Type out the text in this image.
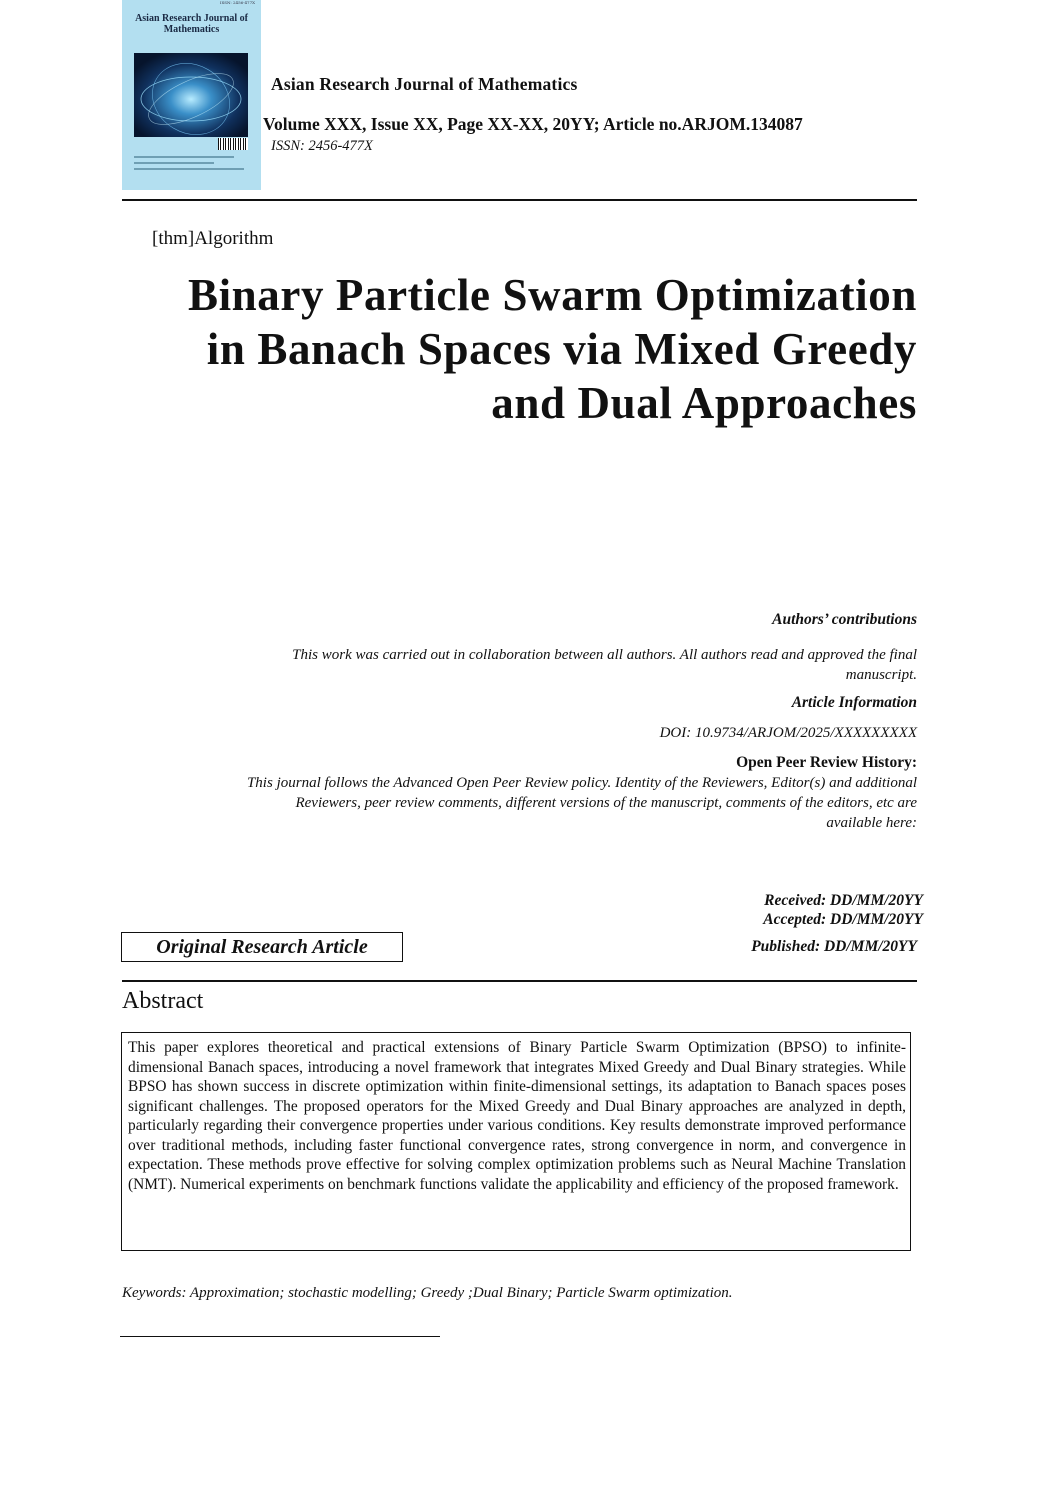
ISSN: 2456-477X
Asian Research Journal of Mathematics
Asian Research Journal of Mathematics
Volume XXX, Issue XX, Page XX-XX, 20YY; Article no.ARJOM.134087
ISSN: 2456-477X
[thm]Algorithm
Binary Particle Swarm Optimization
in Banach Spaces via Mixed Greedy
and Dual Approaches
Authors’ contributions
This work was carried out in collaboration between all authors. All authors read and approved the final
manuscript.
Article Information
DOI: 10.9734/ARJOM/2025/XXXXXXXXX
Open Peer Review History:
This journal follows the Advanced Open Peer Review policy. Identity of the Reviewers, Editor(s) and additional
Reviewers, peer review comments, different versions of the manuscript, comments of the editors, etc are
available here:
Received: DD/MM/20YY
Accepted: DD/MM/20YY
Published: DD/MM/20YY
Original Research Article
Abstract
This paper explores theoretical and practical extensions of Binary Particle Swarm Optimization (BPSO) to infinite-dimensional Banach spaces, introducing a novel framework that integrates Mixed Greedy and Dual Binary strategies. While BPSO has shown success in discrete optimization within finite-dimensional settings, its adaptation to Banach spaces poses significant challenges. The proposed operators for the Mixed Greedy and Dual Binary approaches are analyzed in depth, particularly regarding their convergence properties under various conditions. Key results demonstrate improved performance over traditional methods, including faster functional convergence rates, strong convergence in norm, and convergence in expectation. These methods prove effective for solving complex optimization problems such as Neural Machine Translation (NMT). Numerical experiments on benchmark functions validate the applicability and efficiency of the proposed framework.
Keywords: Approximation; stochastic modelling; Greedy ;Dual Binary; Particle Swarm optimization.
